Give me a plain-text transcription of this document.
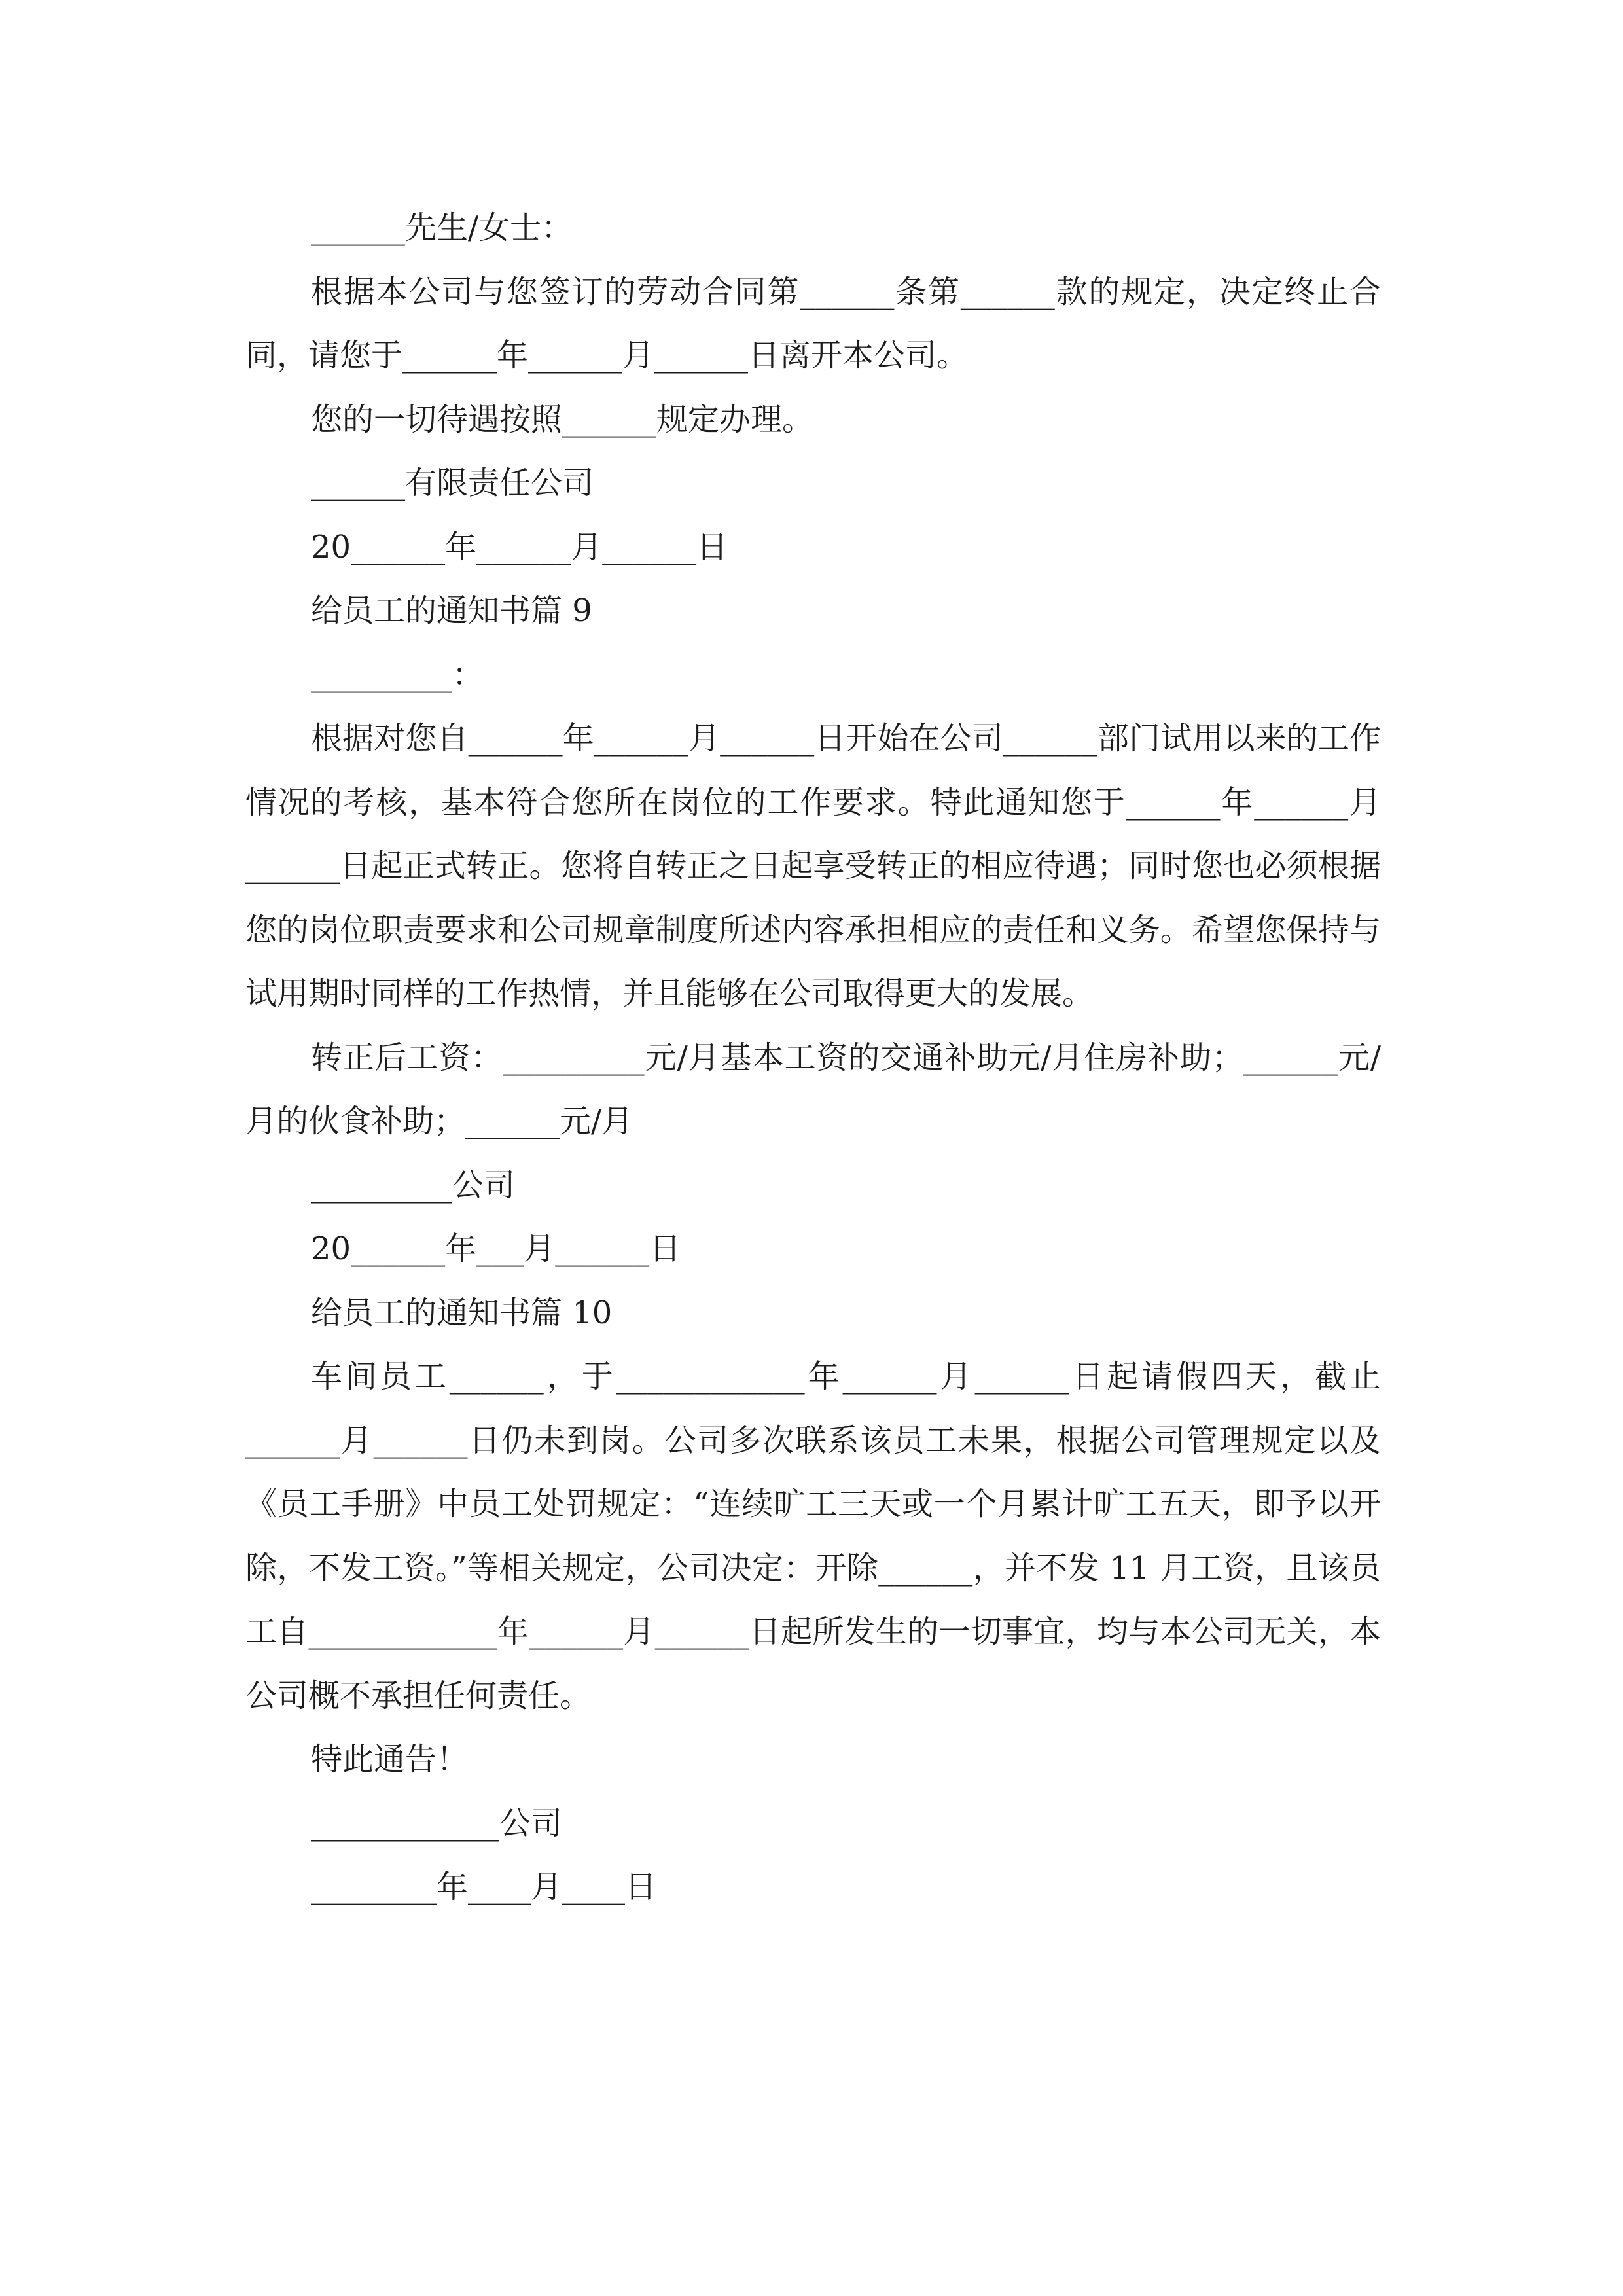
______先生/女士：

根据本公司与您签订的劳动合同第______条第______款的规定，决定终止合同，请您于______年______月______日离开本公司。

您的一切待遇按照______规定办理。

______有限责任公司

20______年______月______日

给员工的通知书篇 9

_________：

根据对您自______年______月______日开始在公司______部门试用以来的工作情况的考核，基本符合您所在岗位的工作要求。特此通知您于______年______月______日起正式转正。您将自转正之日起享受转正的相应待遇；同时您也必须根据您的岗位职责要求和公司规章制度所述内容承担相应的责任和义务。希望您保持与试用期时同样的工作热情，并且能够在公司取得更大的发展。

转正后工资：_________元/月基本工资的交通补助元/月住房补助；______元/月的伙食补助；______元/月

_________公司

20______年___月______日

给员工的通知书篇 10

车间员工______，于____________年______月______日起请假四天，截止______月______日仍未到岗。公司多次联系该员工未果，根据公司管理规定以及《员工手册》中员工处罚规定：“连续旷工三天或一个月累计旷工五天，即予以开除，不发工资。”等相关规定，公司决定：开除______，并不发 11 月工资，且该员工自____________年______月______日起所发生的一切事宜，均与本公司无关，本公司概不承担任何责任。

特此通告！

____________公司

________年____月____日
